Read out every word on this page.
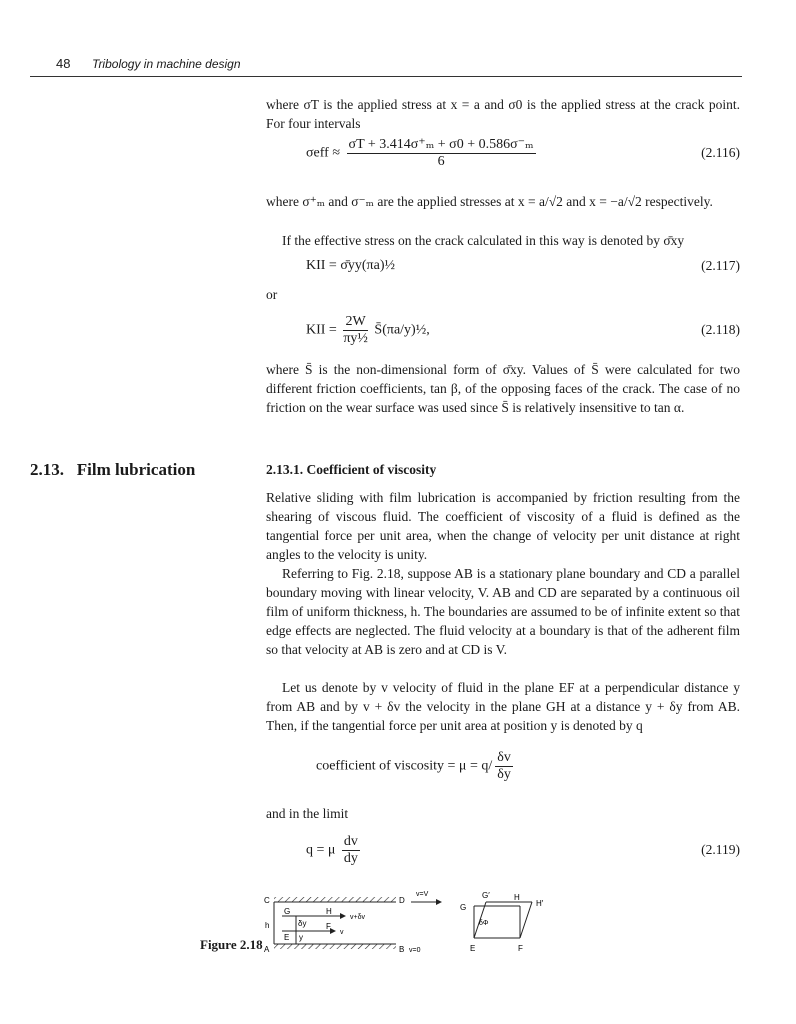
48 Tribology in machine design

where σT is the applied stress at x = a and σ0 is the applied stress at the crack point. For four intervals

$\sigma eff \approx \frac{\text{σT + 3.414σ⁺ₘ + σ0 + 0.586σ⁻ₘ}}{6}$	(2.116)

where σ⁺ₘ and σ⁻ₘ are the applied stresses at x = a/√2 and x = −a/√2 respectively.

If the effective stress on the crack calculated in this way is denoted by σ̄xy

KII = σ̄yy(πa)½	(2.117)
or
KII = $\frac{2W}{\text{πy½}}$ S̄(πa/y)½,	(2.118)

where S̄ is the non-dimensional form of σ̄xy. Values of S̄ were calculated for two different friction coefficients, tan β, of the opposing faces of the crack. The case of no friction on the wear surface was used since S̄ is relatively insensitive to tan α.

2.13. Film lubrication	2.13.1. Coefficient of viscosity

Relative sliding with film lubrication is accompanied by friction resulting from the shearing of viscous fluid. The coefficient of viscosity of a fluid is defined as the tangential force per unit area, when the change of velocity per unit distance at right angles to the velocity is unity.

Referring to Fig. 2.18, suppose AB is a stationary plane boundary and CD a parallel boundary moving with linear velocity, V. AB and CD are separated by a continuous oil film of uniform thickness, h. The boundaries are assumed to be of infinite extent so that edge effects are neglected. The fluid velocity at a boundary is that of the adherent film so that velocity at AB is zero and at CD is V.

Let us denote by v velocity of fluid in the plane EF at a perpendicular distance y from AB and by v + δv the velocity in the plane GH at a distance y + δy from AB. Then, if the tangential force per unit area at position y is denoted by q

coefficient of viscosity = $\mu = q/ \frac{\delta v}{\delta y}$

and in the limit

q = μ $\frac{dv}{dy}$	(2.119)
Figure 2.18
C	D
G	H
h	δy
E y
F
A	B
v=V
v+δv
v
v=0
G
G′	H
H′
δΦ
E	F
